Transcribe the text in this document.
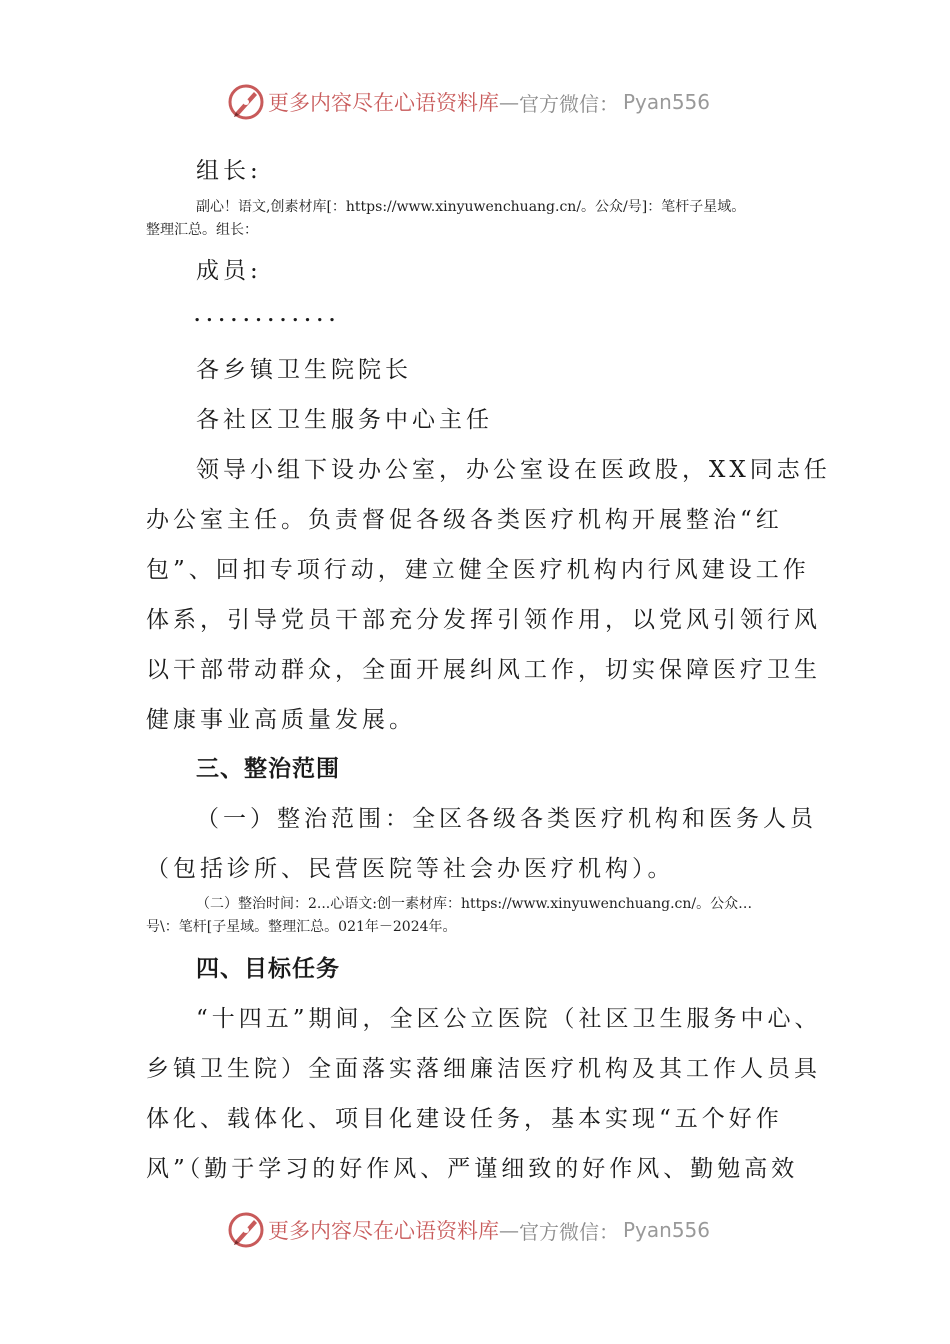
更多内容尽在心语资料库 — 官方微信： Pyan556
组长:
副心！语文,创素材库[：https://www.xinyuwenchuang.cn/。公众/号]：笔杆子星域。
整理汇总。组长：
成员:
............
各乡镇卫生院院长
各社区卫生服务中心主任
领导小组下设办公室，办公室设在医政股，XX同志任
办公室主任。负责督促各级各类医疗机构开展整治“红
包”、回扣专项行动，建立健全医疗机构内行风建设工作
体系，引导党员干部充分发挥引领作用，以党风引领行风
以干部带动群众，全面开展纠风工作，切实保障医疗卫生
健康事业高质量发展。
三、整治范围
（一）整治范围：全区各级各类医疗机构和医务人员
（包括诊所、民营医院等社会办医疗机构）。
（二）整治时间：2...心语文:创一素材库：https://www.xinyuwenchuang.cn/。公众…
号\：笔杆[子星域。整理汇总。021年－2024年。
四、目标任务
“十四五”期间，全区公立医院（社区卫生服务中心、
乡镇卫生院）全面落实落细廉洁医疗机构及其工作人员具
体化、载体化、项目化建设任务，基本实现“五个好作
风”（勤于学习的好作风、严谨细致的好作风、勤勉高效
更多内容尽在心语资料库 — 官方微信： Pyan556
